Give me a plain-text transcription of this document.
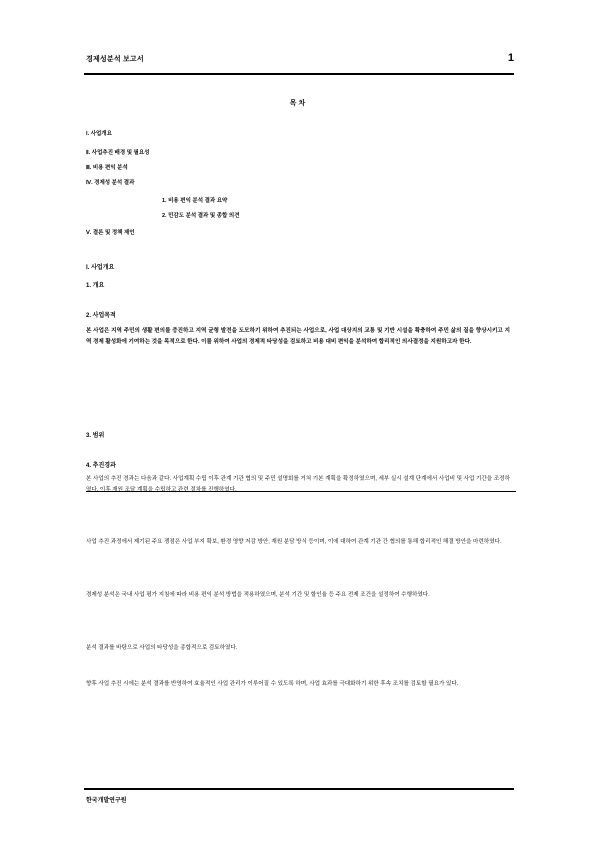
경제성분석 보고서	1
목 차
Ⅰ. 사업개요
Ⅱ. 사업추진 배경 및 필요성
Ⅲ. 비용 편익 분석
Ⅳ. 경제성 분석 결과
1. 비용 편익 분석 결과 요약
2. 민감도 분석 결과 및 종합 의견
Ⅴ. 결론 및 정책 제언
Ⅰ. 사업개요
1. 개요
2. 사업목적
본 사업은 지역 주민의 생활 편의를 증진하고 지역 균형 발전을 도모하기 위하여 추진되는 사업으로, 사업 대상지의 교통 및 기반 시설을 확충하여 주민 삶의 질을 향상시키고 지역 경제 활성화에 기여하는 것을 목적으로 한다. 이를 위하여 사업의 경제적 타당성을 검토하고 비용 대비 편익을 분석하여 합리적인 의사결정을 지원하고자 한다.
3. 범위
4. 추진경과
본 사업의 추진 경과는 다음과 같다. 사업계획 수립 이후 관계 기관 협의 및 주민 설명회를 거쳐 기본 계획을 확정하였으며, 세부 실시 설계 단계에서 사업비 및 사업 기간을 조정하였다. 이후 재원 조달 계획을 수립하고 관련 절차를 진행하였다.
사업 추진 과정에서 제기된 주요 쟁점은 사업 부지 확보, 환경 영향 저감 방안, 재원 분담 방식 등이며, 이에 대하여 관계 기관 간 협의를 통해 합리적인 해결 방안을 마련하였다.
경제성 분석은 국내 사업 평가 지침에 따라 비용 편익 분석 방법을 적용하였으며, 분석 기간 및 할인율 등 주요 전제 조건을 설정하여 수행하였다.
분석 결과를 바탕으로 사업의 타당성을 종합적으로 검토하였다.
향후 사업 추진 시에는 분석 결과를 반영하여 효율적인 사업 관리가 이루어질 수 있도록 하며, 사업 효과를 극대화하기 위한 후속 조치를 검토할 필요가 있다.
한국개발연구원
